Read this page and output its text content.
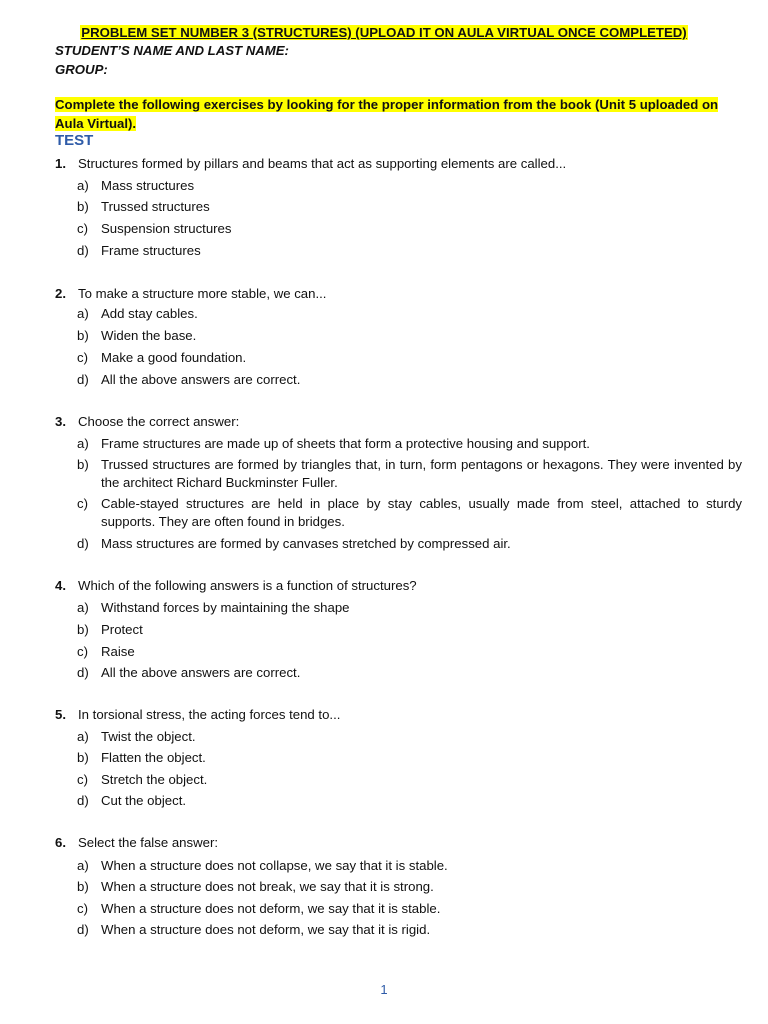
PROBLEM SET NUMBER 3 (STRUCTURES) (UPLOAD IT ON AULA VIRTUAL ONCE COMPLETED)
STUDENT’S NAME AND LAST NAME:
GROUP:
Complete the following exercises by looking for the proper information from the book (Unit 5 uploaded on Aula Virtual).
TEST
1. Structures formed by pillars and beams that act as supporting elements are called...
a) Mass structures
b) Trussed structures
c) Suspension structures
d) Frame structures
2. To make a structure more stable, we can...
a) Add stay cables.
b) Widen the base.
c) Make a good foundation.
d) All the above answers are correct.
3. Choose the correct answer:
a) Frame structures are made up of sheets that form a protective housing and support.
b) Trussed structures are formed by triangles that, in turn, form pentagons or hexagons. They were invented by the architect Richard Buckminster Fuller.
c) Cable-stayed structures are held in place by stay cables, usually made from steel, attached to sturdy supports. They are often found in bridges.
d) Mass structures are formed by canvases stretched by compressed air.
4. Which of the following answers is a function of structures?
a) Withstand forces by maintaining the shape
b) Protect
c) Raise
d) All the above answers are correct.
5. In torsional stress, the acting forces tend to...
a) Twist the object.
b) Flatten the object.
c) Stretch the object.
d) Cut the object.
6. Select the false answer:
a) When a structure does not collapse, we say that it is stable.
b) When a structure does not break, we say that it is strong.
c) When a structure does not deform, we say that it is stable.
d) When a structure does not deform, we say that it is rigid.
1
